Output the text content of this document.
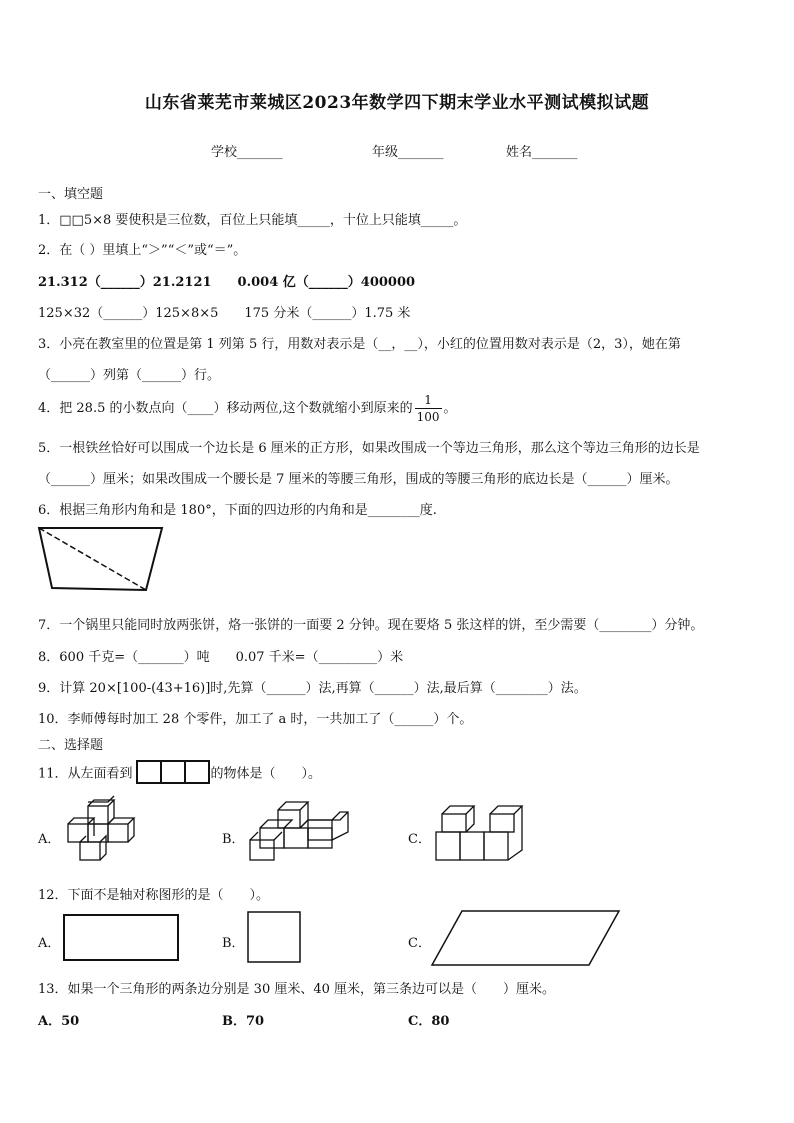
山东省莱芜市莱城区2023年数学四下期末学业水平测试模拟试题
学校_______	年级_______	姓名_______
一、填空题
1．□□5×8 要使积是三位数，百位上只能填_____，十位上只能填_____。
2．在（ ）里填上“＞”“＜”或“＝”。
21.312（______）21.2121　　0.004 亿（______）400000
125×32（______）125×8×5　　175 分米（______）1.75 米
3．小亮在教室里的位置是第 1 列第 5 行，用数对表示是（__，__），小红的位置用数对表示是（2，3），她在第
（______）列第（______）行。
4．把 28.5 的小数点向（____）移动两位,这个数就缩小到原来的 $\frac{1}{100}$ 。
5．一根铁丝恰好可以围成一个边长是 6 厘米的正方形，如果改围成一个等边三角形，那么这个等边三角形的边长是
（______）厘米；如果改围成一个腰长是 7 厘米的等腰三角形，围成的等腰三角形的底边长是（______）厘米。
6．根据三角形内角和是 180°，下面的四边形的内角和是________度.
7．一个锅里只能同时放两张饼，烙一张饼的一面要 2 分钟。现在要烙 5 张这样的饼，至少需要（________）分钟。
8．600 千克=（_______）吨　　0.07 千米=（_________）米
9．计算 20×[100-(43+16)]时,先算（______）法,再算（______）法,最后算（________）法。
10．李师傅每时加工 28 个零件，加工了 a 时，一共加工了（______）个。
二、选择题
11．从左面看到	的物体是（　　）。
A．	B．	C．
12．下面不是轴对称图形的是（　　）。
A．	B．	C．
13．如果一个三角形的两条边分别是 30 厘米、40 厘米，第三条边可以是（　　）厘米。
A．50	B．70	C．80
